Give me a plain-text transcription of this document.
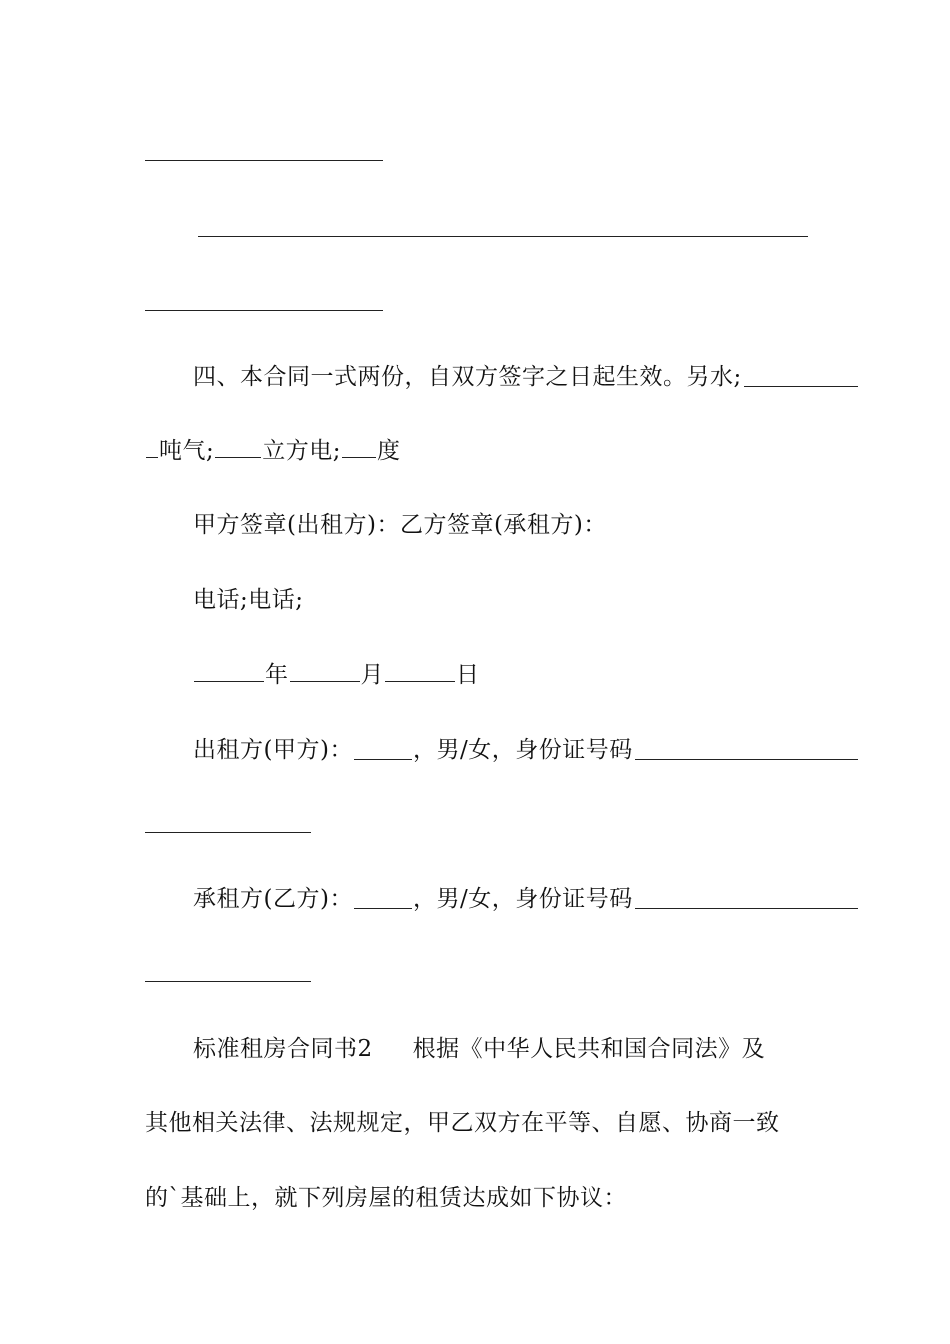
四、本合同一式两份，自双方签字之日起生效。另水;
吨气; 立方电; 度
甲方签章(出租方)：乙方签章(承租方)：
电话;电话;
年	月	日
出租方(甲方)：	，男/女，身份证号码
承租方(乙方)：	，男/女，身份证号码
标准租房合同书2 根据《中华人民共和国合同法》及
其他相关法律、法规规定，甲乙双方在平等、自愿、协商一致
的`基础上，就下列房屋的租赁达成如下协议：
